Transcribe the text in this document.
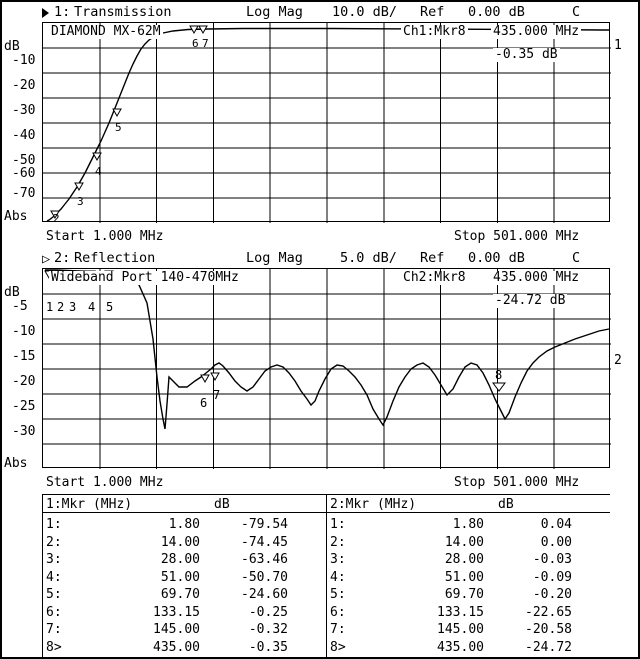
1: Transmission	Log Mag 10.0 dB/ Ref 0.00 dB	C
6 7
5
4
3
2
Ch1:Mkr8 435.000 MHz
-0.35 dB
DIAMOND MX-62M
1
dB
-10
-20
-30
-40
-50
-60
-70
Abs
Start 1.000 MHz	Stop 501.000 MHz
▷ 2: Reflection	Log Mag	5.0 dB/ Ref 0.00 dB	C
1 2 3 4 5
6
7
8
Ch2:Mkr8 435.000 MHz
-24.72 dB
Wideband Port 140-470MHz
2
dB
-5
-10
-15
-20
-25
-30
Abs
Start 1.000 MHz	Stop 501.000 MHz
1:Mkr (MHz)	dB	2:Mkr (MHz)	dB
1:	1.80	-79.54
2:	14.00	-74.45
3:	28.00	-63.46
4:	51.00	-50.70
5:	69.70	-24.60
6:	133.15	-0.25
7:	145.00	-0.32
8>	435.00	-0.35
1:	1.80	0.04
2:	14.00	0.00
3:	28.00	-0.03
4:	51.00	-0.09
5:	69.70	-0.20
6:	133.15	-22.65
7:	145.00	-20.58
8>	435.00	-24.72
